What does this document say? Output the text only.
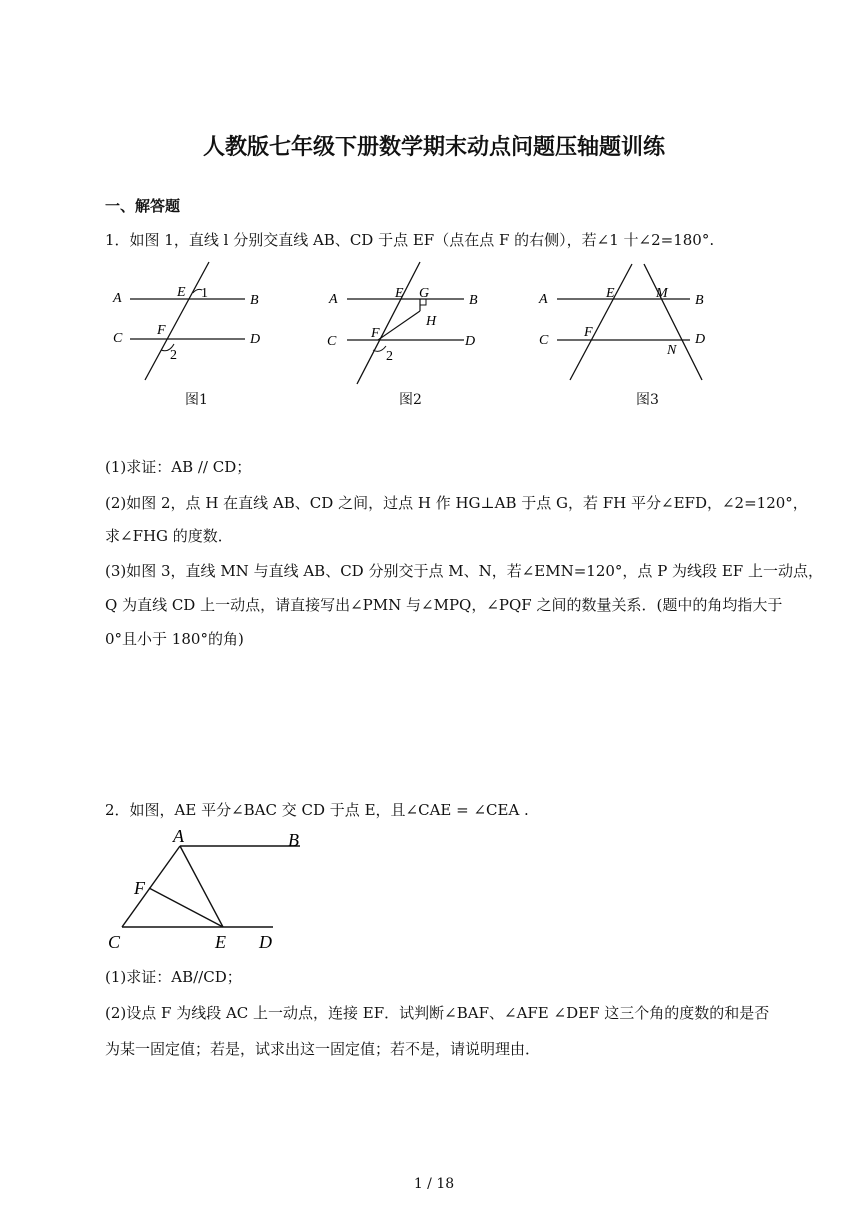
人教版七年级下册数学期末动点问题压轴题训练
一、解答题
1．如图 1，直线 l 分别交直线 AB、CD 于点 EF（点在点 F 的右侧），若∠1 十∠2=180°.
A	B
C	D
E 1
F
2
图1
A	B
C	D
E G
H
F
2
图2
A	B
C	D
E	M
F
N
图3
(1)求证：AB // CD；
(2)如图 2，点 H 在直线 AB、CD 之间，过点 H 作 HG⊥AB 于点 G，若 FH 平分∠EFD，∠2=120°，
求∠FHG 的度数．
(3)如图 3，直线 MN 与直线 AB、CD 分别交于点 M、N，若∠EMN=120°，点 P 为线段 EF 上一动点，
Q 为直线 CD 上一动点，请直接写出∠PMN 与∠MPQ，∠PQF 之间的数量关系．(题中的角均指大于
0°且小于 180°的角)
2．如图，AE 平分∠BAC 交 CD 于点 E，且∠CAE = ∠CEA .
A	B
F
C	E D
(1)求证：AB//CD；
(2)设点 F 为线段 AC 上一动点，连接 EF．试判断∠BAF、∠AFE ∠DEF 这三个角的度数的和是否
为某一固定值；若是，试求出这一固定值；若不是，请说明理由．
1 / 18
